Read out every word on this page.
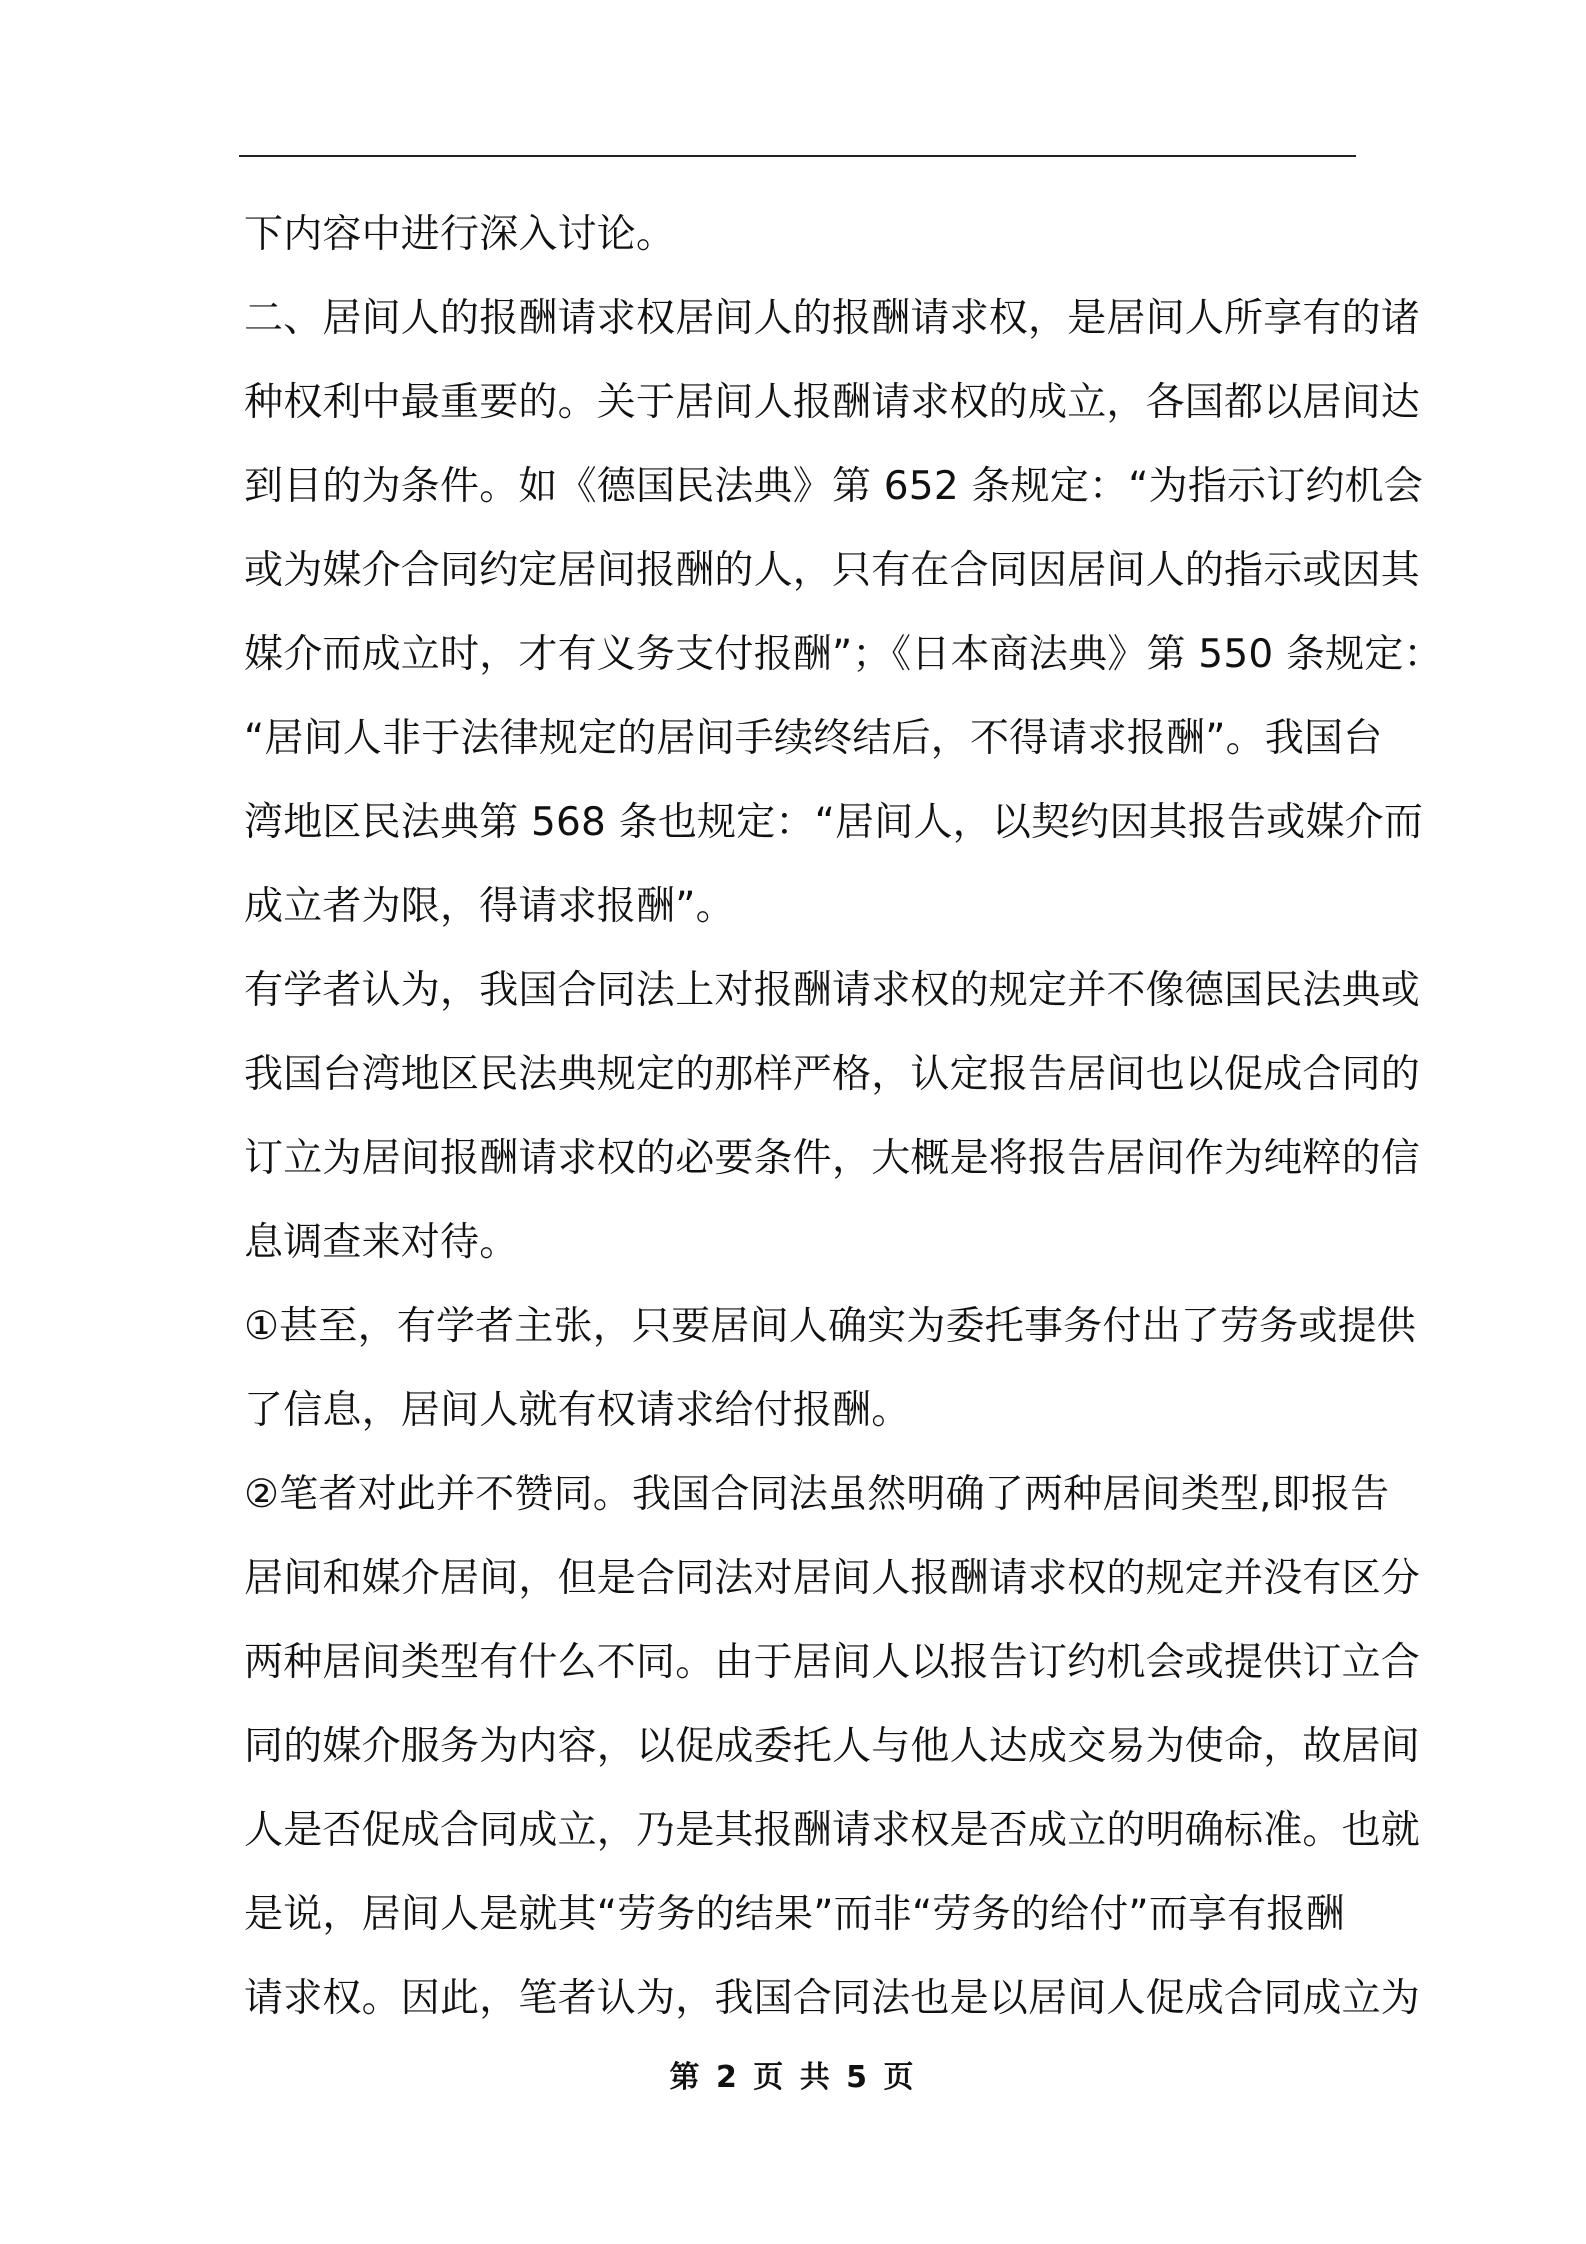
下内容中进行深入讨论。
二、居间人的报酬请求权居间人的报酬请求权，是居间人所享有的诸
种权利中最重要的。关于居间人报酬请求权的成立，各国都以居间达
到目的为条件。如《德国民法典》第 652 条规定：“为指示订约机会
或为媒介合同约定居间报酬的人，只有在合同因居间人的指示或因其
媒介而成立时，才有义务支付报酬”；《日本商法典》第 550 条规定：
“居间人非于法律规定的居间手续终结后，不得请求报酬”。我国台
湾地区民法典第 568 条也规定：“居间人，以契约因其报告或媒介而
成立者为限，得请求报酬”。
有学者认为，我国合同法上对报酬请求权的规定并不像德国民法典或
我国台湾地区民法典规定的那样严格，认定报告居间也以促成合同的
订立为居间报酬请求权的必要条件，大概是将报告居间作为纯粹的信
息调查来对待。
①甚至，有学者主张，只要居间人确实为委托事务付出了劳务或提供
了信息，居间人就有权请求给付报酬。
②笔者对此并不赞同。我国合同法虽然明确了两种居间类型,即报告
居间和媒介居间，但是合同法对居间人报酬请求权的规定并没有区分
两种居间类型有什么不同。由于居间人以报告订约机会或提供订立合
同的媒介服务为内容，以促成委托人与他人达成交易为使命，故居间
人是否促成合同成立，乃是其报酬请求权是否成立的明确标准。也就
是说，居间人是就其“劳务的结果”而非“劳务的给付”而享有报酬
请求权。因此，笔者认为，我国合同法也是以居间人促成合同成立为
第 2 页 共 5 页
